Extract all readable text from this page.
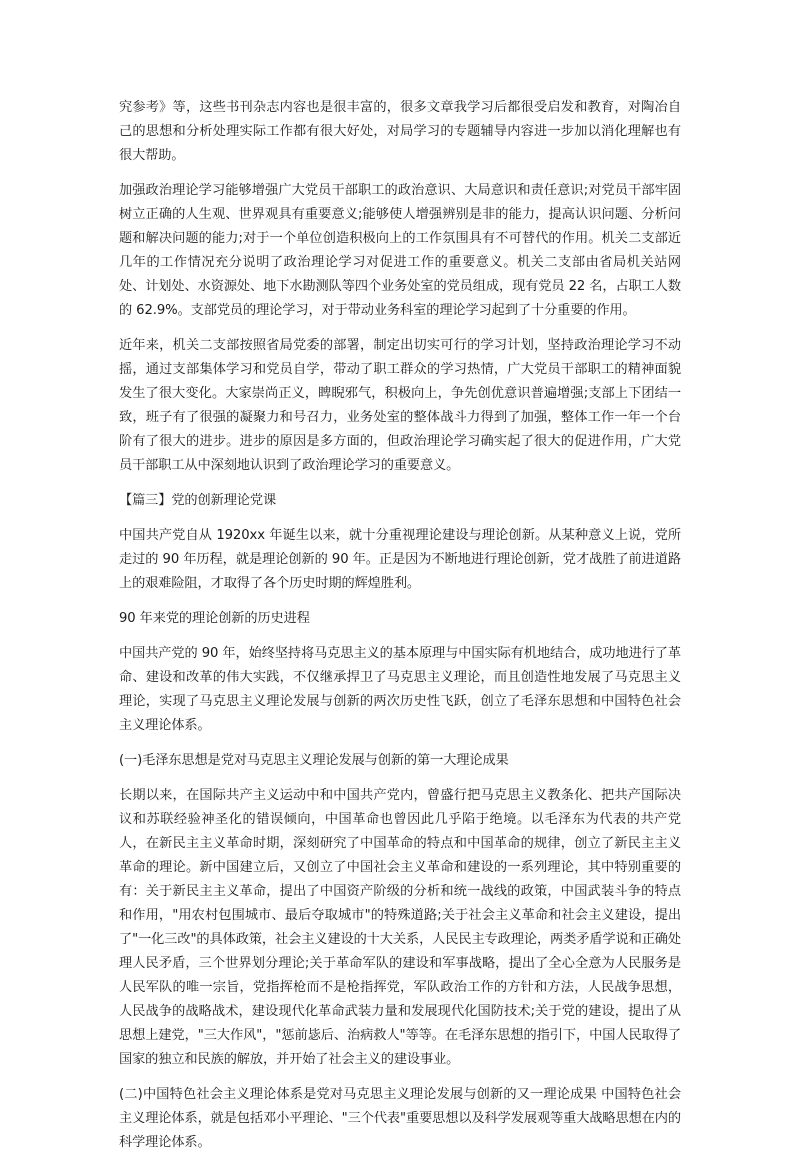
究参考》等，这些书刊杂志内容也是很丰富的，很多文章我学习后都很受启发和教育，对陶冶自己的思想和分析处理实际工作都有很大好处，对局学习的专题辅导内容进一步加以消化理解也有很大帮助。

加强政治理论学习能够增强广大党员干部职工的政治意识、大局意识和责任意识;对党员干部牢固树立正确的人生观、世界观具有重要意义;能够使人增强辨别是非的能力，提高认识问题、分析问题和解决问题的能力;对于一个单位创造积极向上的工作氛围具有不可替代的作用。机关二支部近几年的工作情况充分说明了政治理论学习对促进工作的重要意义。机关二支部由省局机关站网处、计划处、水资源处、地下水勘测队等四个业务处室的党员组成，现有党员 22 名，占职工人数的 62.9%。支部党员的理论学习，对于带动业务科室的理论学习起到了十分重要的作用。

近年来，机关二支部按照省局党委的部署，制定出切实可行的学习计划，坚持政治理论学习不动摇，通过支部集体学习和党员自学，带动了职工群众的学习热情，广大党员干部职工的精神面貌发生了很大变化。大家崇尚正义，睥睨邪气，积极向上，争先创优意识普遍增强;支部上下团结一致，班子有了很强的凝聚力和号召力，业务处室的整体战斗力得到了加强，整体工作一年一个台阶有了很大的进步。进步的原因是多方面的，但政治理论学习确实起了很大的促进作用，广大党员干部职工从中深刻地认识到了政治理论学习的重要意义。

【篇三】党的创新理论党课

中国共产党自从 1920xx 年诞生以来，就十分重视理论建设与理论创新。从某种意义上说，党所走过的 90 年历程，就是理论创新的 90 年。正是因为不断地进行理论创新，党才战胜了前进道路上的艰难险阻，才取得了各个历史时期的辉煌胜利。

90 年来党的理论创新的历史进程

中国共产党的 90 年，始终坚持将马克思主义的基本原理与中国实际有机地结合，成功地进行了革命、建设和改革的伟大实践，不仅继承捍卫了马克思主义理论，而且创造性地发展了马克思主义理论，实现了马克思主义理论发展与创新的两次历史性飞跃，创立了毛泽东思想和中国特色社会主义理论体系。

(一)毛泽东思想是党对马克思主义理论发展与创新的第一大理论成果

长期以来，在国际共产主义运动中和中国共产党内，曾盛行把马克思主义教条化、把共产国际决议和苏联经验神圣化的错误倾向，中国革命也曾因此几乎陷于绝境。以毛泽东为代表的共产党人，在新民主主义革命时期，深刻研究了中国革命的特点和中国革命的规律，创立了新民主主义革命的理论。新中国建立后，又创立了中国社会主义革命和建设的一系列理论，其中特别重要的有：关于新民主主义革命，提出了中国资产阶级的分析和统一战线的政策，中国武装斗争的特点和作用，"用农村包围城市、最后夺取城市"的特殊道路;关于社会主义革命和社会主义建设，提出了"一化三改"的具体政策，社会主义建设的十大关系，人民民主专政理论，两类矛盾学说和正确处理人民矛盾，三个世界划分理论;关于革命军队的建设和军事战略，提出了全心全意为人民服务是人民军队的唯一宗旨，党指挥枪而不是枪指挥党，军队政治工作的方针和方法，人民战争思想，人民战争的战略战术，建设现代化革命武装力量和发展现代化国防技术;关于党的建设，提出了从思想上建党，"三大作风"，"惩前毖后、治病救人"等等。在毛泽东思想的指引下，中国人民取得了国家的独立和民族的解放，并开始了社会主义的建设事业。

(二)中国特色社会主义理论体系是党对马克思主义理论发展与创新的又一理论成果 中国特色社会主义理论体系，就是包括邓小平理论、"三个代表"重要思想以及科学发展观等重大战略思想在内的科学理论体系。
